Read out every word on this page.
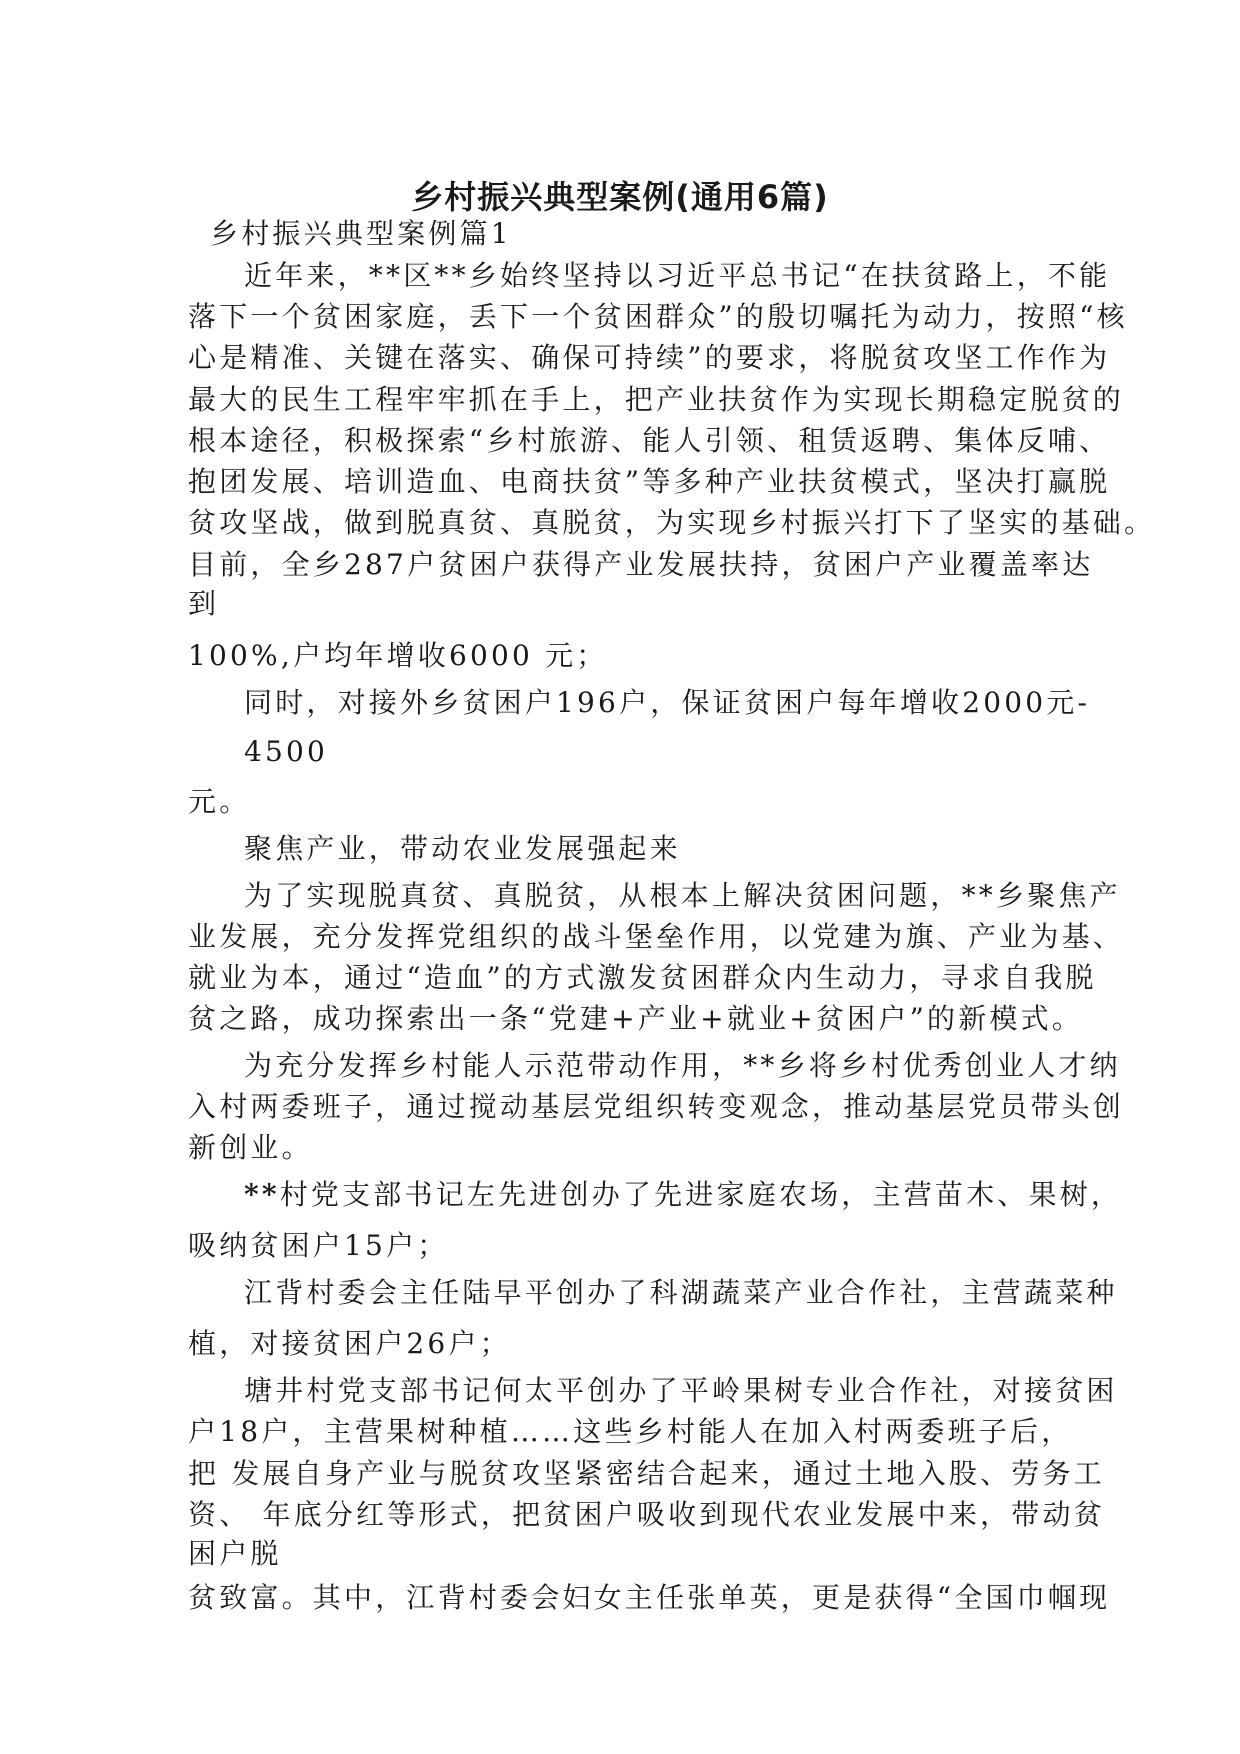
乡村振兴典型案例(通用6篇)

乡村振兴典型案例篇1

近年来，**区**乡始终坚持以习近平总书记“在扶贫路上，不能

落下一个贫困家庭，丢下一个贫困群众”的殷切嘱托为动力，按照“核

心是精准、关键在落实、确保可持续”的要求，将脱贫攻坚工作作为

最大的民生工程牢牢抓在手上，把产业扶贫作为实现长期稳定脱贫的

根本途径，积极探索“乡村旅游、能人引领、租赁返聘、集体反哺、

抱团发展、培训造血、电商扶贫”等多种产业扶贫模式，坚决打赢脱

贫攻坚战，做到脱真贫、真脱贫，为实现乡村振兴打下了坚实的基础。

目前，全乡287户贫困户获得产业发展扶持，贫困户产业覆盖率达

到

100%,户均年增收6000 元；

同时，对接外乡贫困户196户，保证贫困户每年增收2000元-

4500

元。

聚焦产业，带动农业发展强起来

为了实现脱真贫、真脱贫，从根本上解决贫困问题，**乡聚焦产

业发展，充分发挥党组织的战斗堡垒作用，以党建为旗、产业为基、

就业为本，通过“造血”的方式激发贫困群众内生动力，寻求自我脱

贫之路，成功探索出一条“党建+产业+就业+贫困户”的新模式。

为充分发挥乡村能人示范带动作用，**乡将乡村优秀创业人才纳

入村两委班子，通过搅动基层党组织转变观念，推动基层党员带头创

新创业。

**村党支部书记左先进创办了先进家庭农场，主营苗木、果树，

吸纳贫困户15户；

江背村委会主任陆早平创办了科湖蔬菜产业合作社，主营蔬菜种

植，对接贫困户26户；

塘井村党支部书记何太平创办了平岭果树专业合作社，对接贫困

户18户，主营果树种植……这些乡村能人在加入村两委班子后，

把 发展自身产业与脱贫攻坚紧密结合起来，通过土地入股、劳务工

资、 年底分红等形式，把贫困户吸收到现代农业发展中来，带动贫

困户脱

贫致富。其中，江背村委会妇女主任张单英，更是获得“全国巾帼现
